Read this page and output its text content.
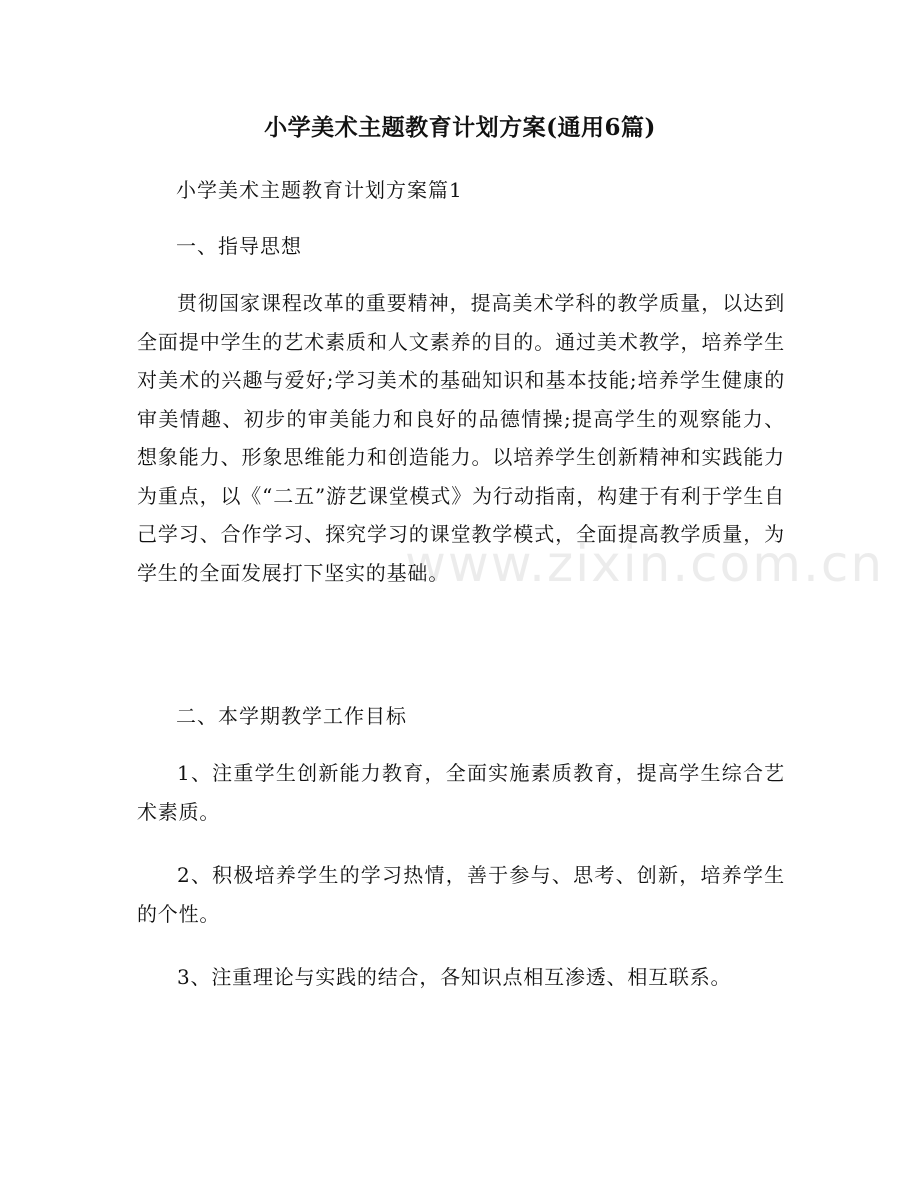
小学美术主题教育计划方案(通用6篇)
小学美术主题教育计划方案篇1
一、指导思想
贯彻国家课程改革的重要精神，提高美术学科的教学质量，以达到全面提中学生的艺术素质和人文素养的目的。通过美术教学，培养学生对美术的兴趣与爱好;学习美术的基础知识和基本技能;培养学生健康的审美情趣、初步的审美能力和良好的品德情操;提高学生的观察能力、想象能力、形象思维能力和创造能力。以培养学生创新精神和实践能力为重点，以《“二五”游艺课堂模式》为行动指南，构建于有利于学生自己学习、合作学习、探究学习的课堂教学模式，全面提高教学质量，为学生的全面发展打下坚实的基础。
二、本学期教学工作目标
1、注重学生创新能力教育，全面实施素质教育，提高学生综合艺术素质。
2、积极培养学生的学习热情，善于参与、思考、创新，培养学生的个性。
3、注重理论与实践的结合，各知识点相互渗透、相互联系。
www.zixin.com.cn
